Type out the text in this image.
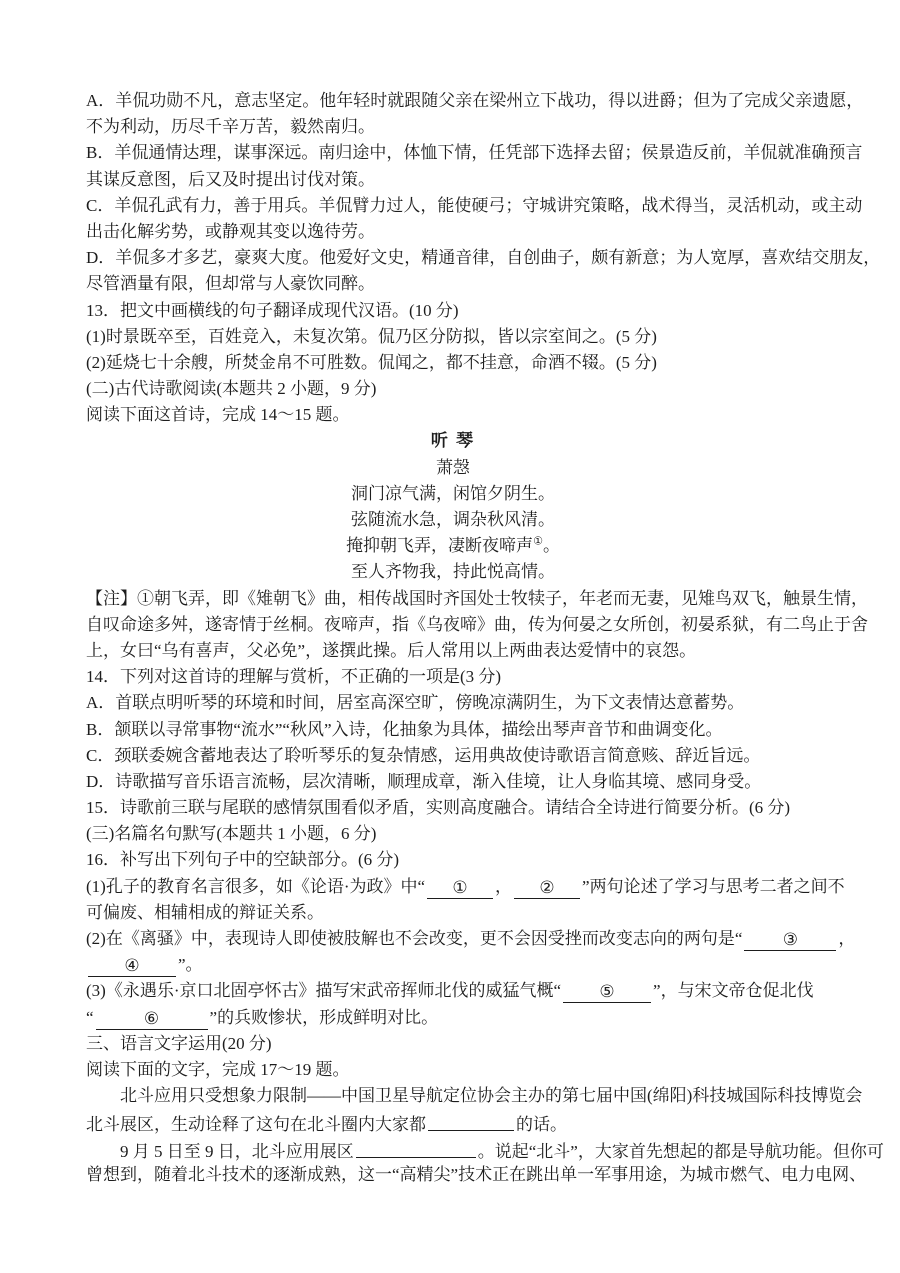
A．羊侃功勋不凡，意志坚定。他年轻时就跟随父亲在梁州立下战功，得以进爵；但为了完成父亲遗愿，

不为利动，历尽千辛万苦，毅然南归。

B．羊侃通情达理，谋事深远。南归途中，体恤下情，任凭部下选择去留；侯景造反前，羊侃就准确预言

其谋反意图，后又及时提出讨伐对策。

C．羊侃孔武有力，善于用兵。羊侃臂力过人，能使硬弓；守城讲究策略，战术得当，灵活机动，或主动

出击化解劣势，或静观其变以逸待劳。

D．羊侃多才多艺，豪爽大度。他爱好文史，精通音律，自创曲子，颇有新意；为人宽厚，喜欢结交朋友，

尽管酒量有限，但却常与人豪饮同醉。

13．把文中画横线的句子翻译成现代汉语。(10 分)

(1)时景既卒至，百姓竞入，未复次第。侃乃区分防拟，皆以宗室间之。(5 分)

(2)延烧七十余艘，所焚金帛不可胜数。侃闻之，都不挂意，命酒不辍。(5 分)

(二)古代诗歌阅读(本题共 2 小题，9 分)

阅读下面这首诗，完成 14～15 题。

听 琴

萧愨

洞门凉气满，闲馆夕阴生。

弦随流水急，调杂秋风清。

掩抑朝飞弄，凄断夜啼声①。

至人齐物我，持此悦高情。

【注】①朝飞弄，即《雉朝飞》曲，相传战国时齐国处士牧犊子，年老而无妻，见雉鸟双飞，触景生情，

自叹命途多舛，遂寄情于丝桐。夜啼声，指《乌夜啼》曲，传为何晏之女所创，初晏系狱，有二鸟止于舍

上，女曰“乌有喜声，父必免”，遂撰此操。后人常用以上两曲表达爱情中的哀怨。

14．下列对这首诗的理解与赏析，不正确的一项是(3 分)

A．首联点明听琴的环境和时间，居室高深空旷，傍晚凉满阴生，为下文表情达意蓄势。

B．颔联以寻常事物“流水”“秋风”入诗，化抽象为具体，描绘出琴声音节和曲调变化。

C．颈联委婉含蓄地表达了聆听琴乐的复杂情感，运用典故使诗歌语言简意赅、辞近旨远。

D．诗歌描写音乐语言流畅，层次清晰，顺理成章，渐入佳境，让人身临其境、感同身受。

15．诗歌前三联与尾联的感情氛围看似矛盾，实则高度融合。请结合全诗进行简要分析。(6 分)

(三)名篇名句默写(本题共 1 小题，6 分)

16．补写出下列句子中的空缺部分。(6 分)

(1)孔子的教育名言很多，如《论语·为政》中“ ① ， ② ”两句论述了学习与思考二者之间不

可偏废、相辅相成的辩证关系。

(2)在《离骚》中，表现诗人即使被肢解也不会改变，更不会因受挫而改变志向的两句是“ ③ ，

④ ”。

(3)《永遇乐·京口北固亭怀古》描写宋武帝挥师北伐的威猛气概“ ⑤ ”，与宋文帝仓促北伐

“	⑥	”的兵败惨状，形成鲜明对比。

三、语言文字运用(20 分)

阅读下面的文字，完成 17～19 题。

北斗应用只受想象力限制——中国卫星导航定位协会主办的第七届中国(绵阳)科技城国际科技博览会

北斗展区，生动诠释了这句在北斗圈内大家都	的话。

9 月 5 日至 9 日，北斗应用展区	。说起“北斗”，大家首先想起的都是导航功能。但你可

曾想到，随着北斗技术的逐渐成熟，这一“高精尖”技术正在跳出单一军事用途，为城市燃气、电力电网、
